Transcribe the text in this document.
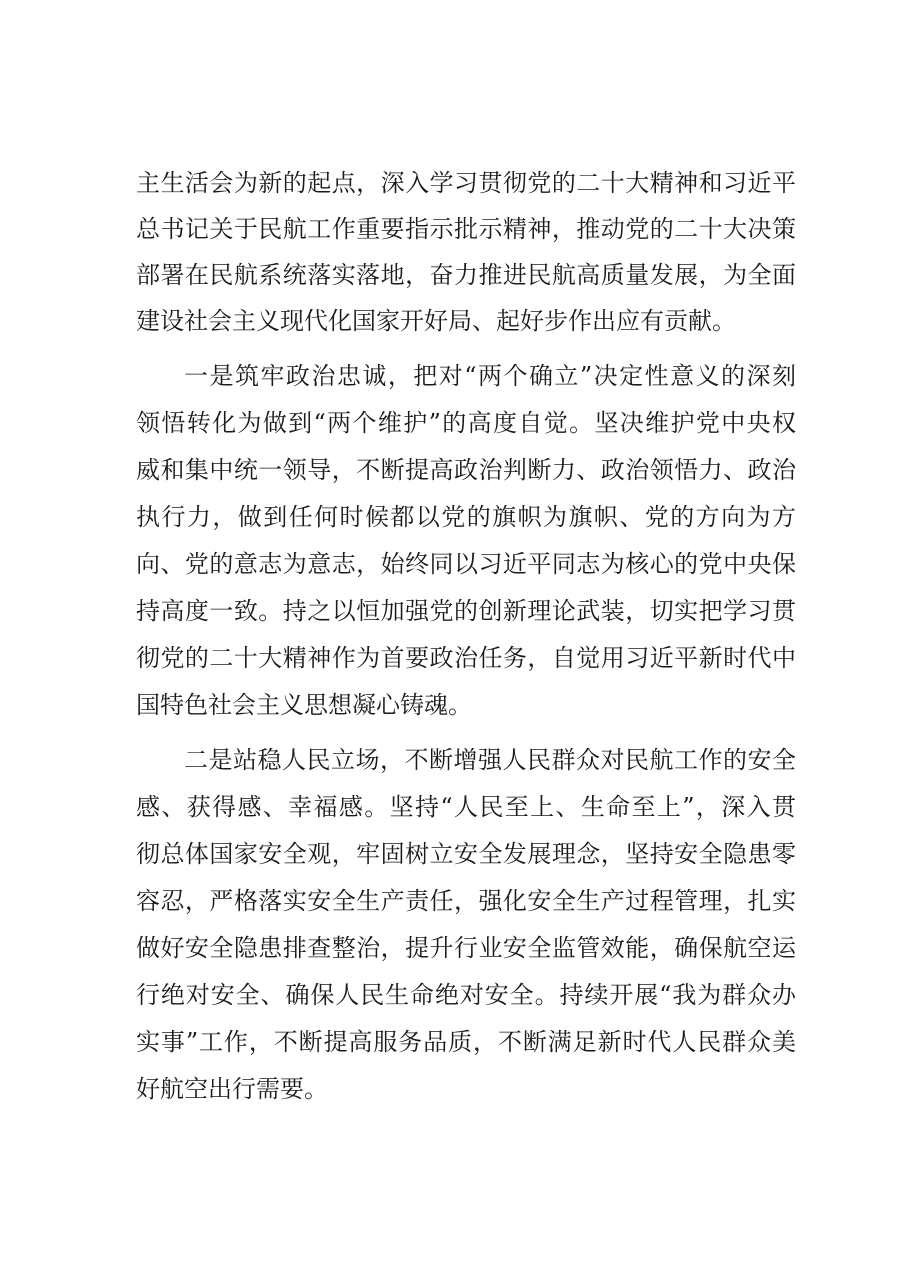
主生活会为新的起点，深入学习贯彻党的二十大精神和习近平
总书记关于民航工作重要指示批示精神，推动党的二十大决策
部署在民航系统落实落地，奋力推进民航高质量发展，为全面
建设社会主义现代化国家开好局、起好步作出应有贡献。
一是筑牢政治忠诚，把对“两个确立”决定性意义的深刻
领悟转化为做到“两个维护”的高度自觉。坚决维护党中央权
威和集中统一领导，不断提高政治判断力、政治领悟力、政治
执行力，做到任何时候都以党的旗帜为旗帜、党的方向为方
向、党的意志为意志，始终同以习近平同志为核心的党中央保
持高度一致。持之以恒加强党的创新理论武装，切实把学习贯
彻党的二十大精神作为首要政治任务，自觉用习近平新时代中
国特色社会主义思想凝心铸魂。
二是站稳人民立场，不断增强人民群众对民航工作的安全
感、获得感、幸福感。坚持“人民至上、生命至上”，深入贯
彻总体国家安全观，牢固树立安全发展理念，坚持安全隐患零
容忍，严格落实安全生产责任，强化安全生产过程管理，扎实
做好安全隐患排查整治，提升行业安全监管效能，确保航空运
行绝对安全、确保人民生命绝对安全。持续开展“我为群众办
实事”工作，不断提高服务品质，不断满足新时代人民群众美
好航空出行需要。
